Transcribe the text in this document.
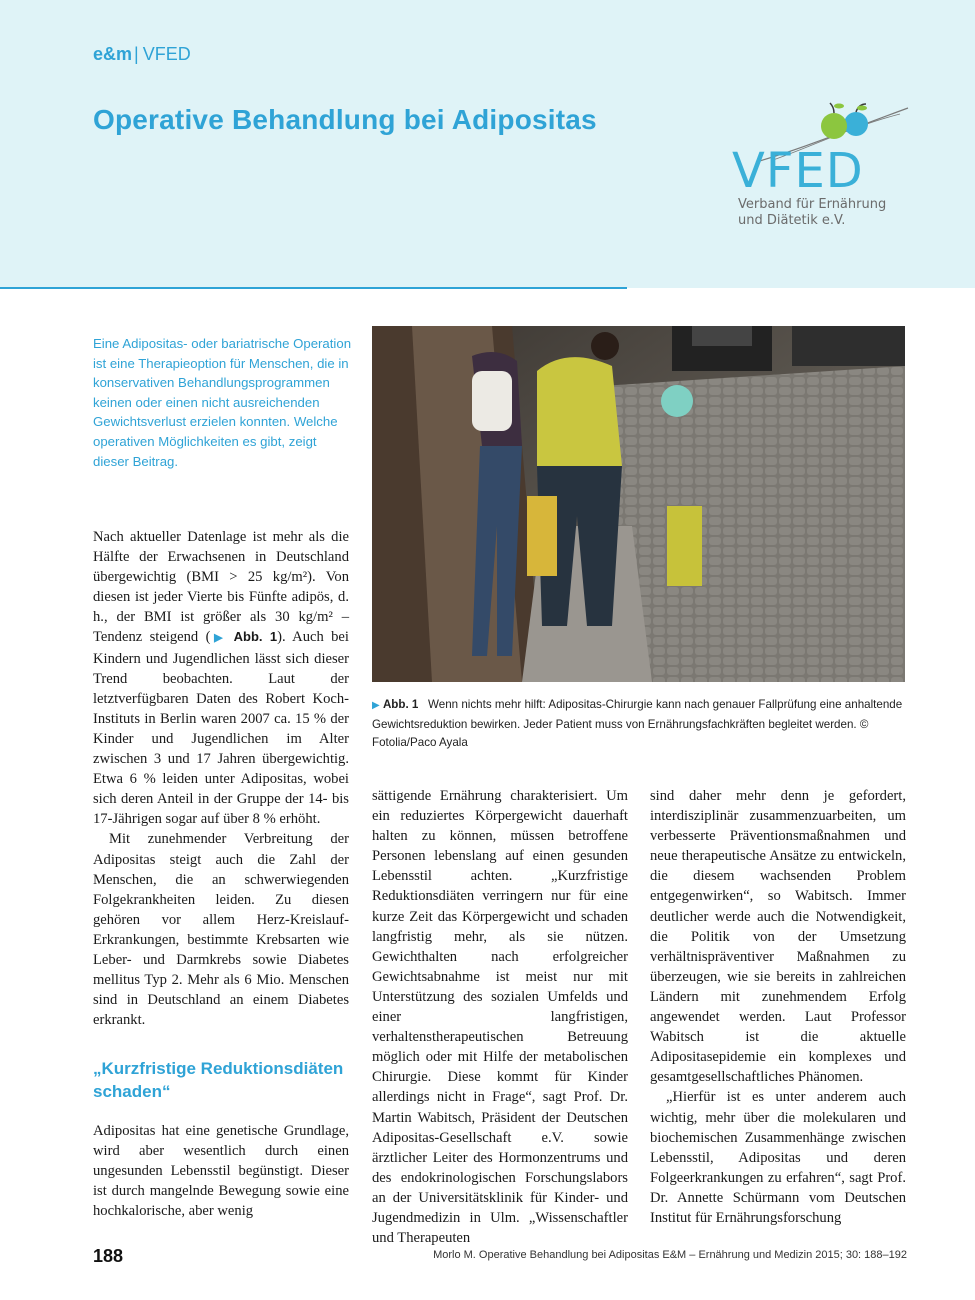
e&m | VFED
Operative Behandlung bei Adipositas
VFED
Verband für Ernährung
und Diätetik e.V.
Eine Adipositas- oder bariatrische Operation ist eine Therapieoption für Menschen, die in konservativen Behandlungsprogrammen keinen oder einen nicht ausreichenden Gewichtsverlust erzielen konnten. Welche operativen Möglichkeiten es gibt, zeigt dieser Beitrag.
▶ Abb. 1 Wenn nichts mehr hilft: Adipositas-Chirurgie kann nach genauer Fallprüfung eine anhaltende Gewichtsreduktion bewirken. Jeder Patient muss von Ernährungsfachkräften begleitet werden. © Fotolia/Paco Ayala

Nach aktueller Datenlage ist mehr als die Hälfte der Erwachsenen in Deutschland übergewichtig (BMI > 25 kg/m²). Von diesen ist jeder Vierte bis Fünfte adipös, d. h., der BMI ist größer als 30 kg/m² – Tendenz steigend (▶ Abb. 1). Auch bei Kindern und Jugendlichen lässt sich dieser Trend beobachten. Laut der letztverfügbaren Daten des Robert Koch-Instituts in Berlin waren 2007 ca. 15 % der Kinder und Jugendlichen im Alter zwischen 3 und 17 Jahren übergewichtig. Etwa 6 % leiden unter Adipositas, wobei sich deren Anteil in der Gruppe der 14- bis 17-Jährigen sogar auf über 8 % erhöht.

Mit zunehmender Verbreitung der Adipositas steigt auch die Zahl der Menschen, die an schwerwiegenden Folgekrankheiten leiden. Zu diesen gehören vor allem Herz-Kreislauf-Erkrankungen, bestimmte Krebsarten wie Leber- und Darmkrebs sowie Diabetes mellitus Typ 2. Mehr als 6 Mio. Menschen sind in Deutschland an einem Diabetes erkrankt.

„Kurzfristige Reduktionsdiäten schaden“

Adipositas hat eine genetische Grundlage, wird aber wesentlich durch einen ungesunden Lebensstil begünstigt. Dieser ist durch mangelnde Bewegung sowie eine hochkalorische, aber wenig

sättigende Ernährung charakterisiert. Um ein reduziertes Körpergewicht dauerhaft halten zu können, müssen betroffene Personen lebenslang auf einen gesunden Lebensstil achten. „Kurzfristige Reduktionsdiäten verringern nur für eine kurze Zeit das Körpergewicht und schaden langfristig mehr, als sie nützen. Gewichthalten nach erfolgreicher Gewichtsabnahme ist meist nur mit Unterstützung des sozialen Umfelds und einer langfristigen, verhaltenstherapeutischen Betreuung möglich oder mit Hilfe der metabolischen Chirurgie. Diese kommt für Kinder allerdings nicht in Frage“, sagt Prof. Dr. Martin Wabitsch, Präsident der Deutschen Adipositas-Gesellschaft e.V. sowie ärztlicher Leiter des Hormonzentrums und des endokrinologischen Forschungslabors an der Universitätsklinik für Kinder- und Jugendmedizin in Ulm. „Wissenschaftler und Therapeuten

sind daher mehr denn je gefordert, interdisziplinär zusammenzuarbeiten, um verbesserte Präventionsmaßnahmen und neue therapeutische Ansätze zu entwickeln, die diesem wachsenden Problem entgegenwirken“, so Wabitsch. Immer deutlicher werde auch die Notwendigkeit, die Politik von der Umsetzung verhältnispräventiver Maßnahmen zu überzeugen, wie sie bereits in zahlreichen Ländern mit zunehmendem Erfolg angewendet werden. Laut Professor Wabitsch ist die aktuelle Adipositasepidemie ein komplexes und gesamtgesellschaftliches Phänomen.

„Hierfür ist es unter anderem auch wichtig, mehr über die molekularen und biochemischen Zusammenhänge zwischen Lebensstil, Adipositas und deren Folgeerkrankungen zu erfahren“, sagt Prof. Dr. Annette Schürmann vom Deutschen Institut für Ernährungsforschung

188	Morlo M. Operative Behandlung bei Adipositas E&M – Ernährung und Medizin 2015; 30: 188–192
